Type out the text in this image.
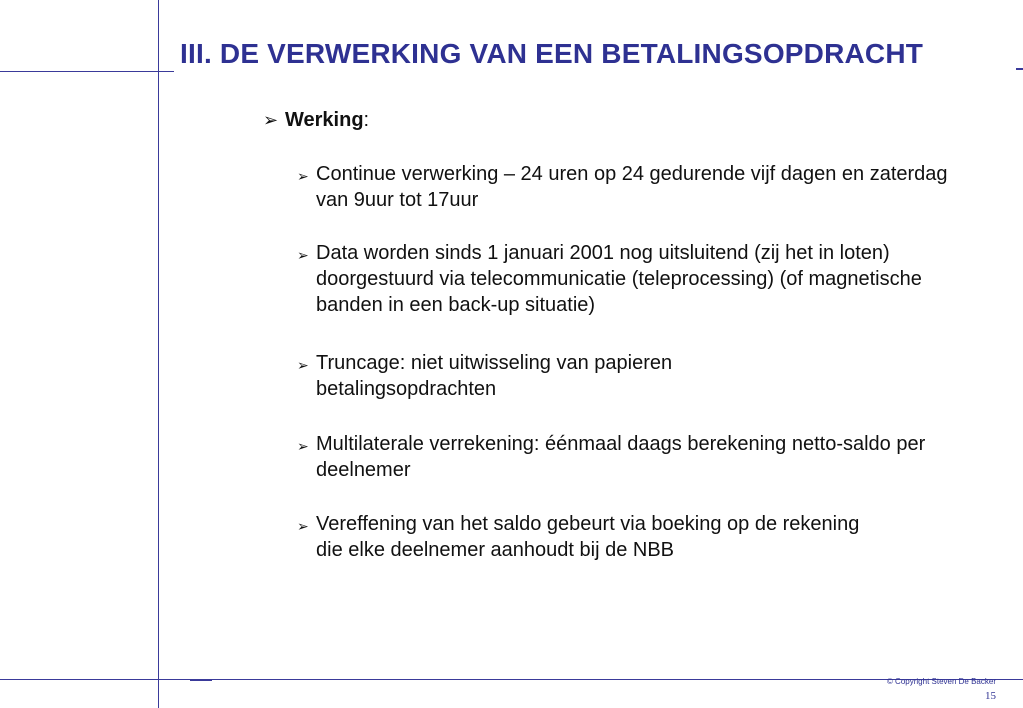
III. DE VERWERKING VAN EEN BETALINGSOPDRACHT
➢ Werking:
➢ Continue verwerking – 24 uren op 24 gedurende vijf dagen en zaterdag van 9uur tot 17uur
➢ Data worden sinds 1 januari 2001 nog uitsluitend (zij het in loten) doorgestuurd via telecommunicatie (teleprocessing) (of magnetische banden in een back-up situatie)
➢ Truncage: niet uitwisseling van papieren betalingsopdrachten
➢ Multilaterale verrekening: éénmaal daags berekening netto-saldo per deelnemer
➢ Vereffening van het saldo gebeurt via boeking op de rekening die elke deelnemer aanhoudt bij de NBB
© Copyright Steven De Backer
15
